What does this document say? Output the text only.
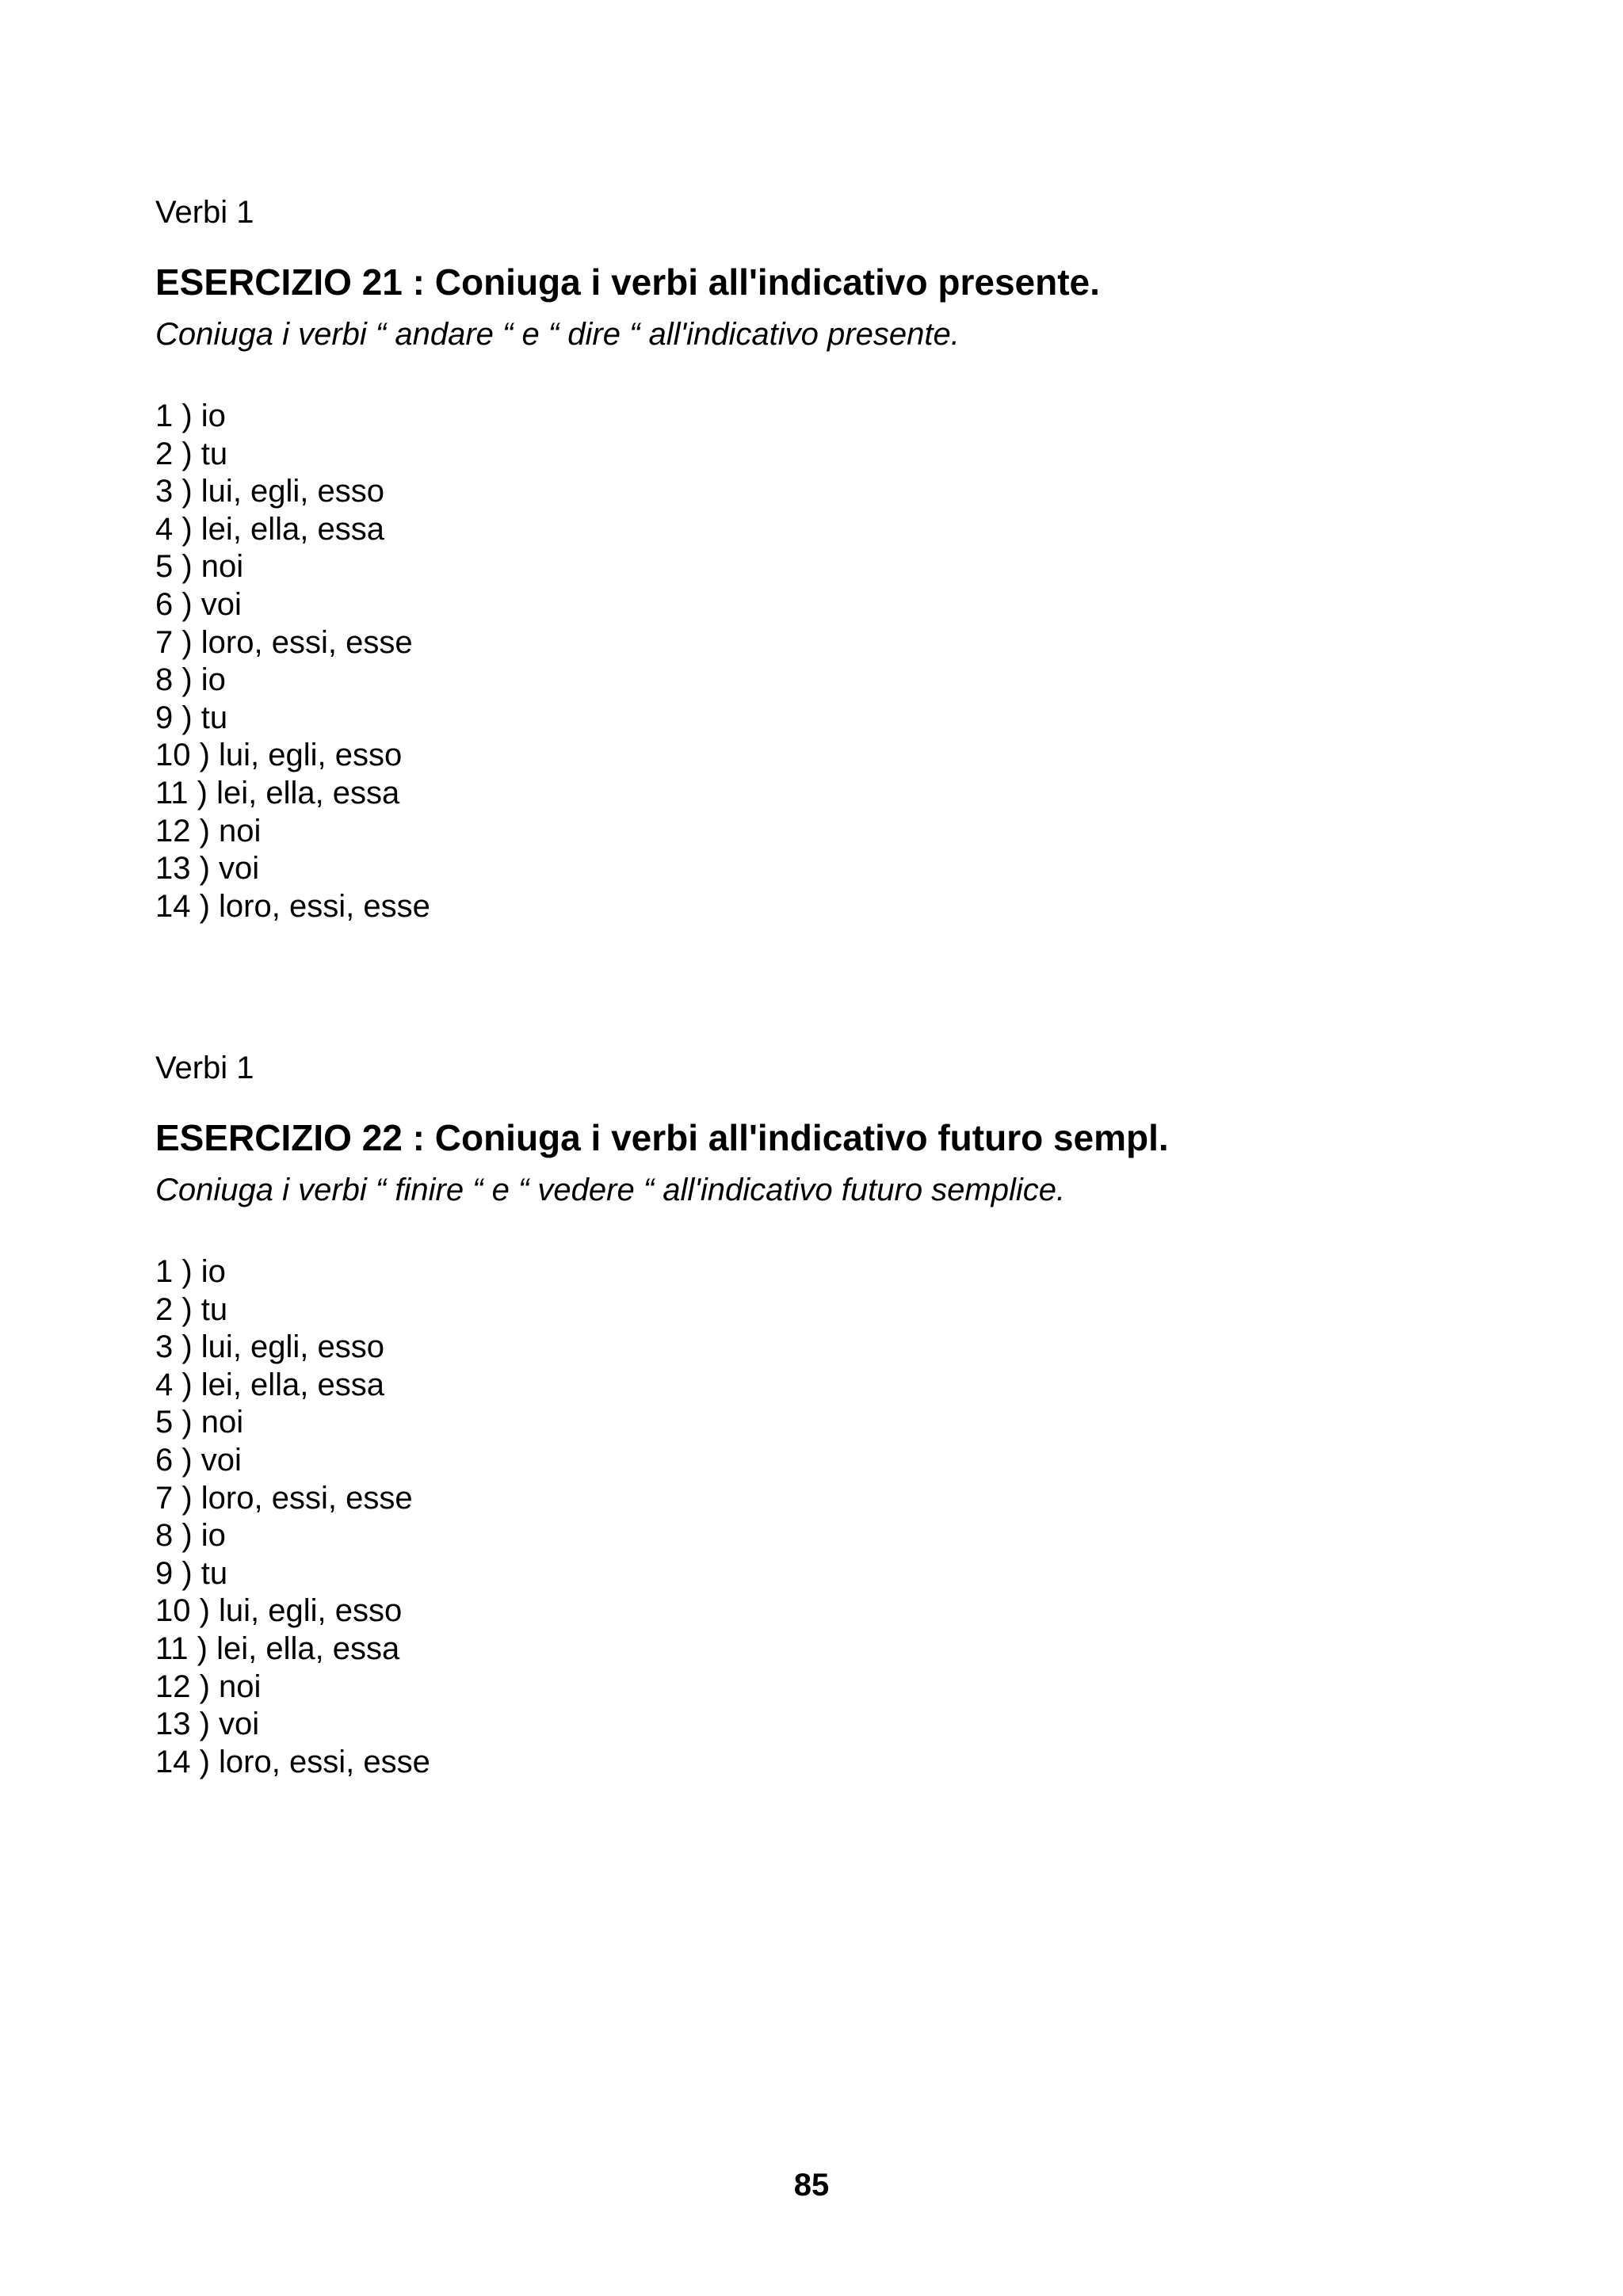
Verbi 1

ESERCIZIO 21 : Coniuga i verbi all'indicativo presente.

Coniuga i verbi “ andare “ e “ dire “ all'indicativo presente.

1 ) io
2 ) tu
3 ) lui, egli, esso
4 ) lei, ella, essa
5 ) noi
6 ) voi
7 ) loro, essi, esse
8 ) io
9 ) tu
10 ) lui, egli, esso
11 ) lei, ella, essa
12 ) noi
13 ) voi
14 ) loro, essi, esse

Verbi 1

ESERCIZIO 22 : Coniuga i verbi all'indicativo futuro sempl.

Coniuga i verbi “ finire “ e “ vedere “ all'indicativo futuro semplice.

1 ) io
2 ) tu
3 ) lui, egli, esso
4 ) lei, ella, essa
5 ) noi
6 ) voi
7 ) loro, essi, esse
8 ) io
9 ) tu
10 ) lui, egli, esso
11 ) lei, ella, essa
12 ) noi
13 ) voi
14 ) loro, essi, esse
85
